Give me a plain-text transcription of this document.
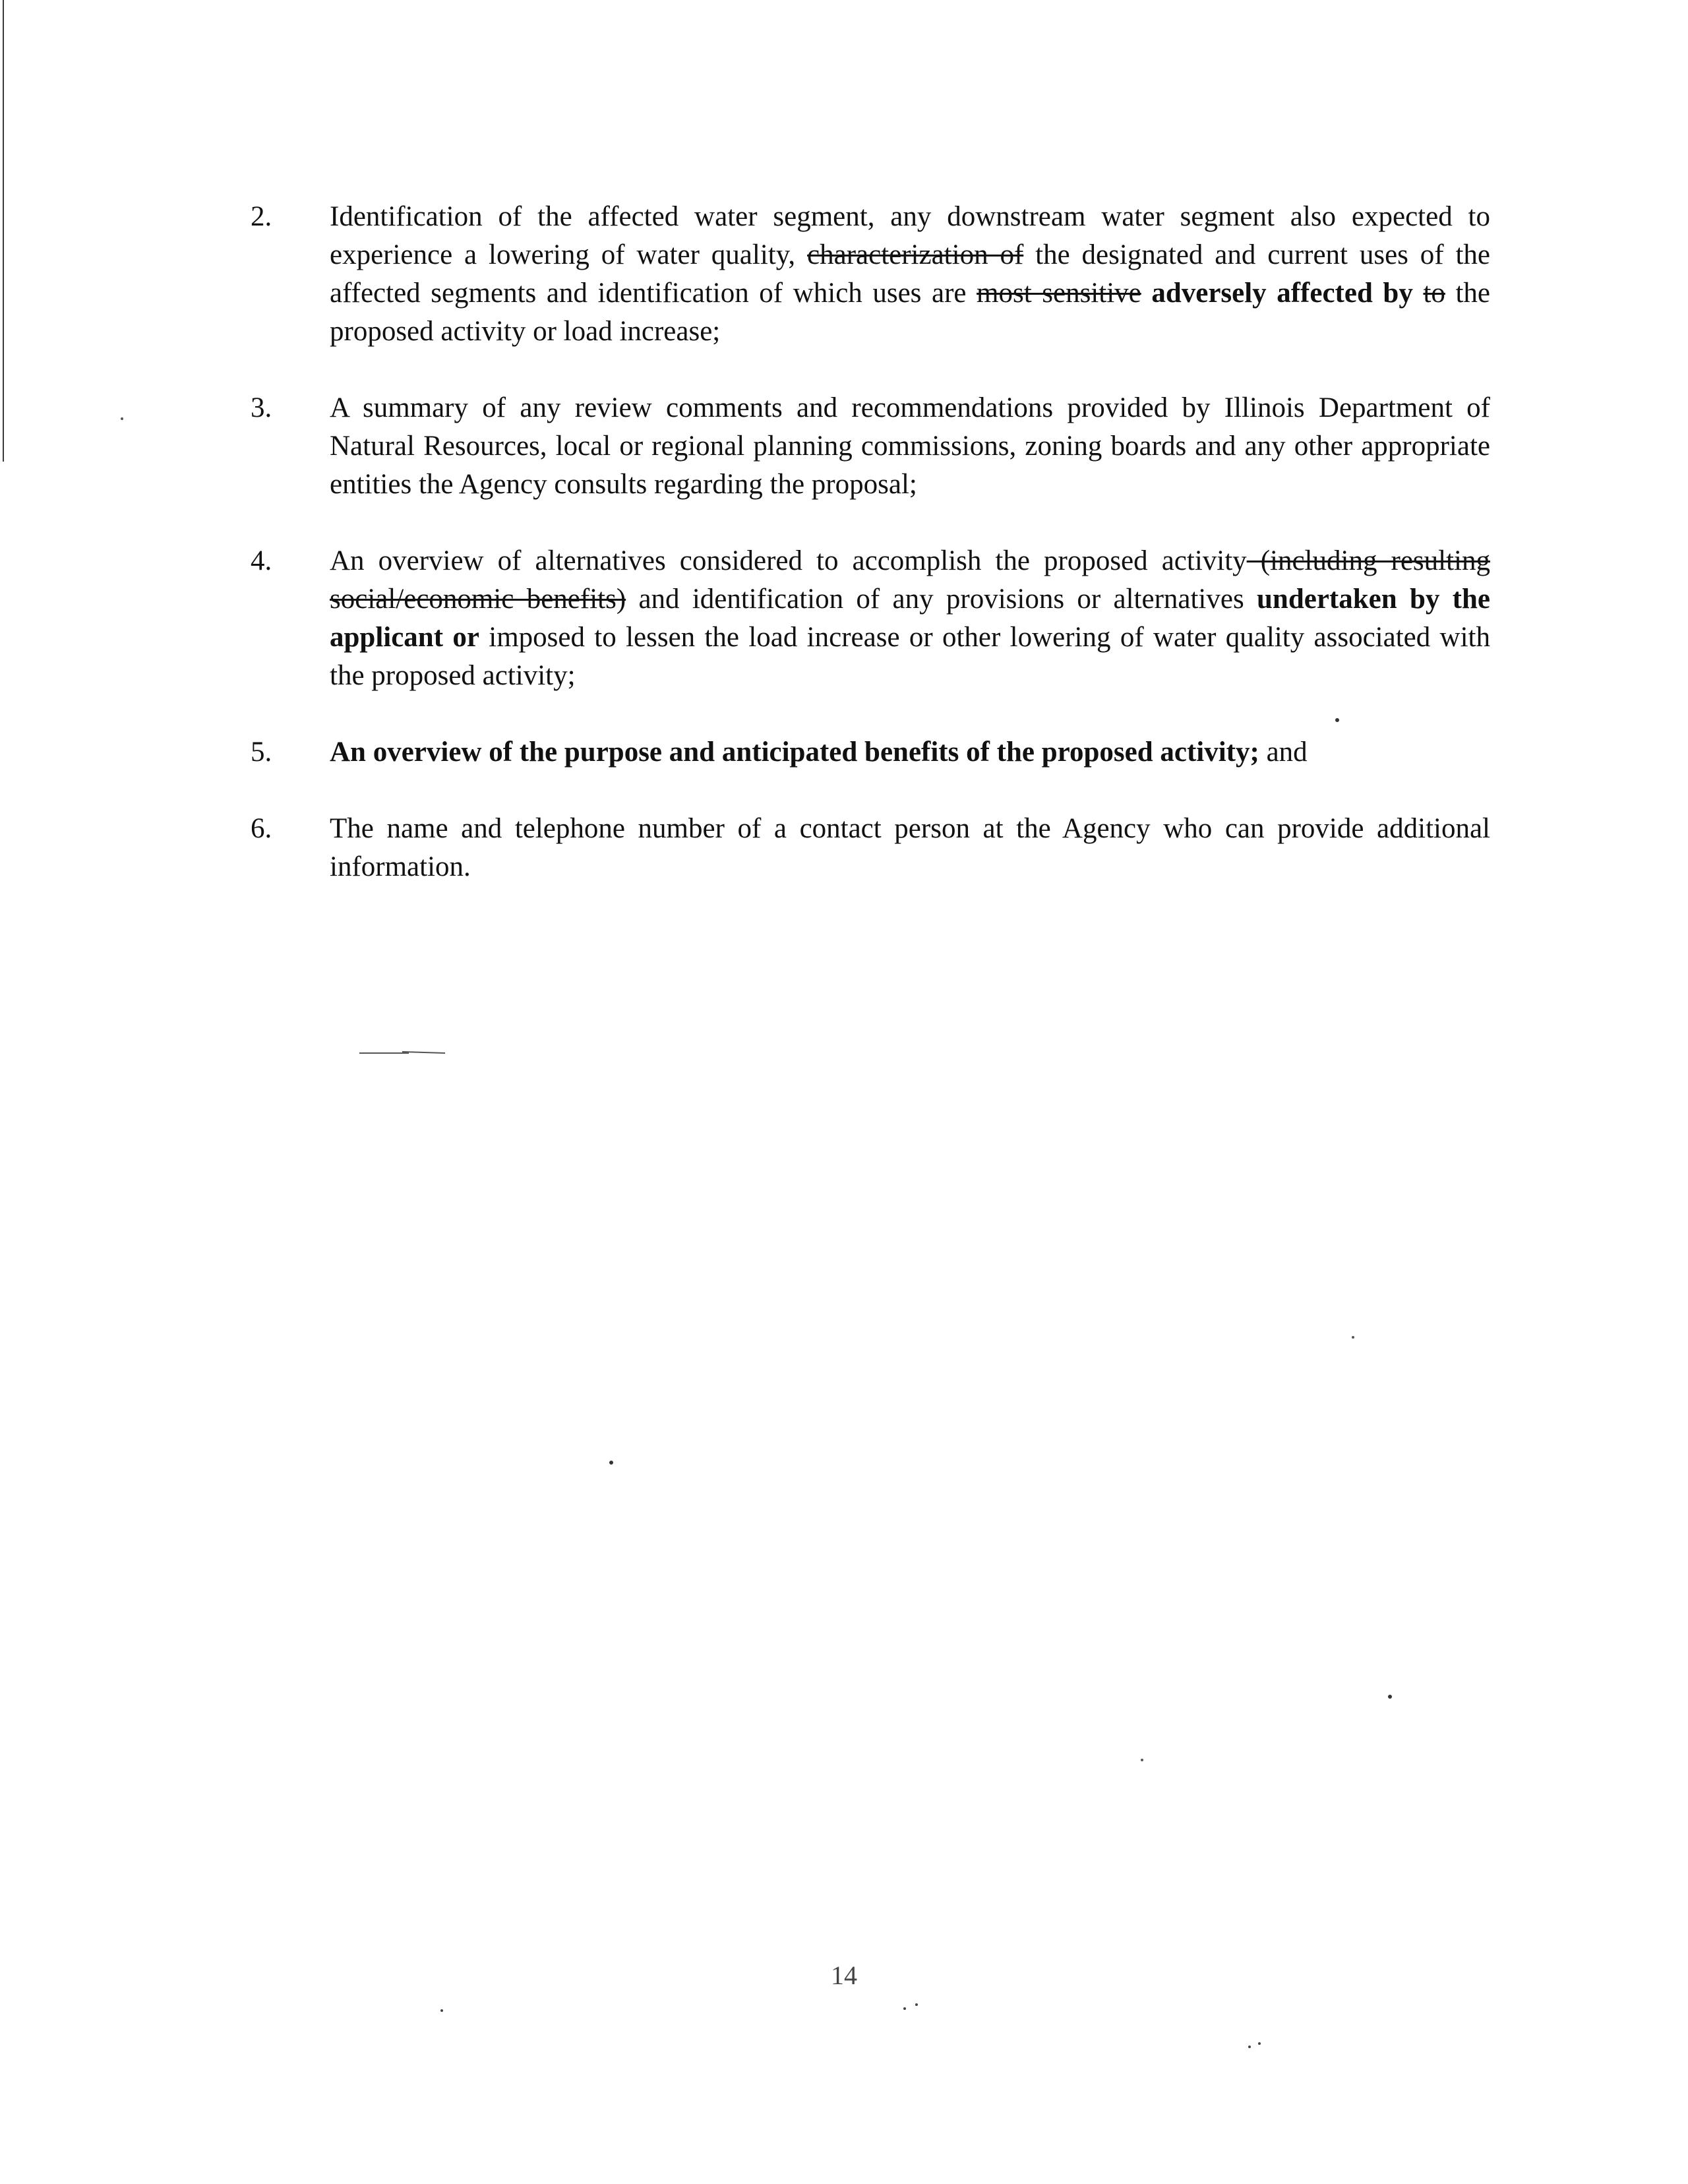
2.	Identification of the affected water segment, any downstream water segment also expected to experience a lowering of water quality, characterization of the designated and current uses of the affected segments and identification of which uses are most sensitive adversely affected by to the proposed activity or load increase;
3.	A summary of any review comments and recommendations provided by Illinois Department of Natural Resources, local or regional planning commissions, zoning boards and any other appropriate entities the Agency consults regarding the proposal;
4.	An overview of alternatives considered to accomplish the proposed activity (including resulting social/economic benefits) and identification of any provisions or alternatives undertaken by the applicant or imposed to lessen the load increase or other lowering of water quality associated with the proposed activity;
5.	An overview of the purpose and anticipated benefits of the proposed activity; and
6.	The name and telephone number of a contact person at the Agency who can provide additional information.
14
